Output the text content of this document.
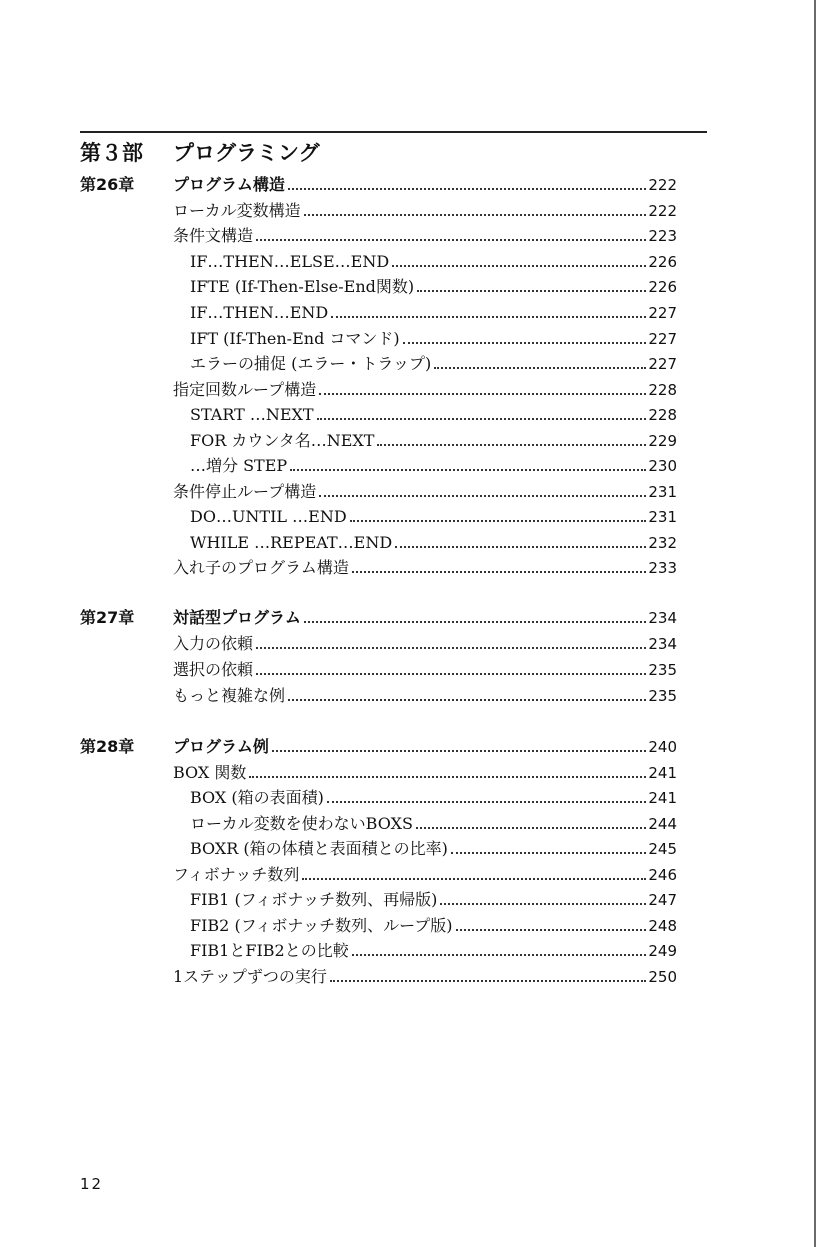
第３部 プログラミング
第26章 プログラム構造	222
ローカル変数構造	222
条件文構造	223
IF…THEN…ELSE…END	226
IFTE (If-Then-Else-End関数)	226
IF…THEN…END	227
IFT (If-Then-End コマンド)	227
エラーの捕促 (エラー・トラップ)	227
指定回数ループ構造	228
START …NEXT	228
FOR カウンタ名…NEXT	229
…増分 STEP	230
条件停止ループ構造	231
DO…UNTIL …END	231
WHILE …REPEAT…END	232
入れ子のプログラム構造	233
第27章 対話型プログラム	234
入力の依頼	234
選択の依頼	235
もっと複雑な例	235
第28章 プログラム例	240
BOX 関数	241
BOX (箱の表面積)	241
ローカル変数を使わないBOXS	244
BOXR (箱の体積と表面積との比率)	245
フィボナッチ数列	246
FIB1 (フィボナッチ数列、再帰版)	247
FIB2 (フィボナッチ数列、ループ版)	248
FIB1とFIB2との比較	249
1ステップずつの実行	250
12
